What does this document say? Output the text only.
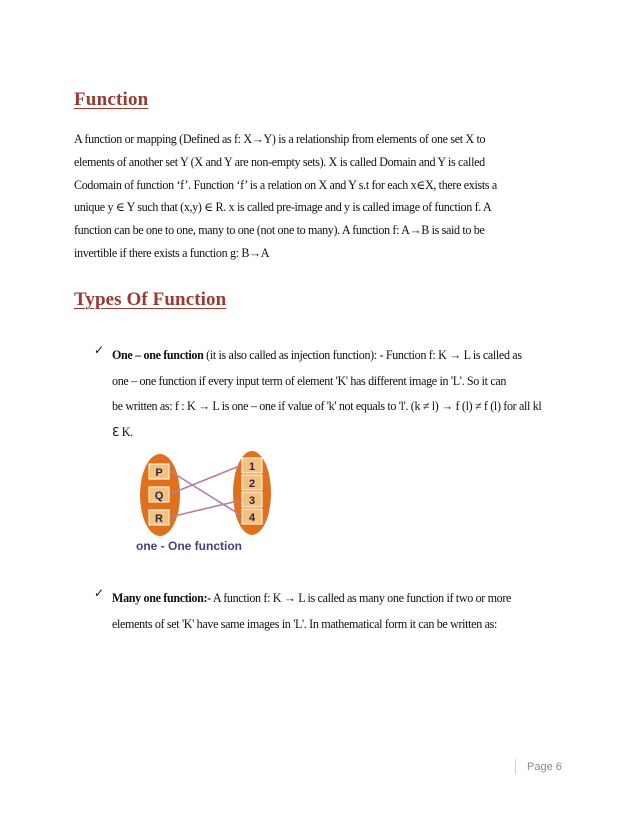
Function
A function or mapping (Defined as f: X→Y) is a relationship from elements of one set X to
elements of another set Y (X and Y are non-empty sets). X is called Domain and Y is called
Codomain of function ‘f’. Function ‘f’ is a relation on X and Y s.t for each x∈X, there exists a
unique y ∈ Y such that (x,y) ∈ R. x is called pre-image and y is called image of function f. A
function can be one to one, many to one (not one to many). A function f: A→B is said to be
invertible if there exists a function g: B→A
Types Of Function
✓ One – one function (it is also called as injection function): - Function f: K → L is called as
one – one function if every input term of element 'K' has different image in 'L'. So it can
be written as: f : K → L is one – one if value of 'k' not equals to 'l'. (k ≠ l) → f (l) ≠ f (l) for all kl
ℇ K.
P
Q
R
1
2
3
4
one - One function
✓ Many one function:- A function f: K → L is called as many one function if two or more
elements of set 'K' have same images in 'L'. In mathematical form it can be written as:
Page 6
